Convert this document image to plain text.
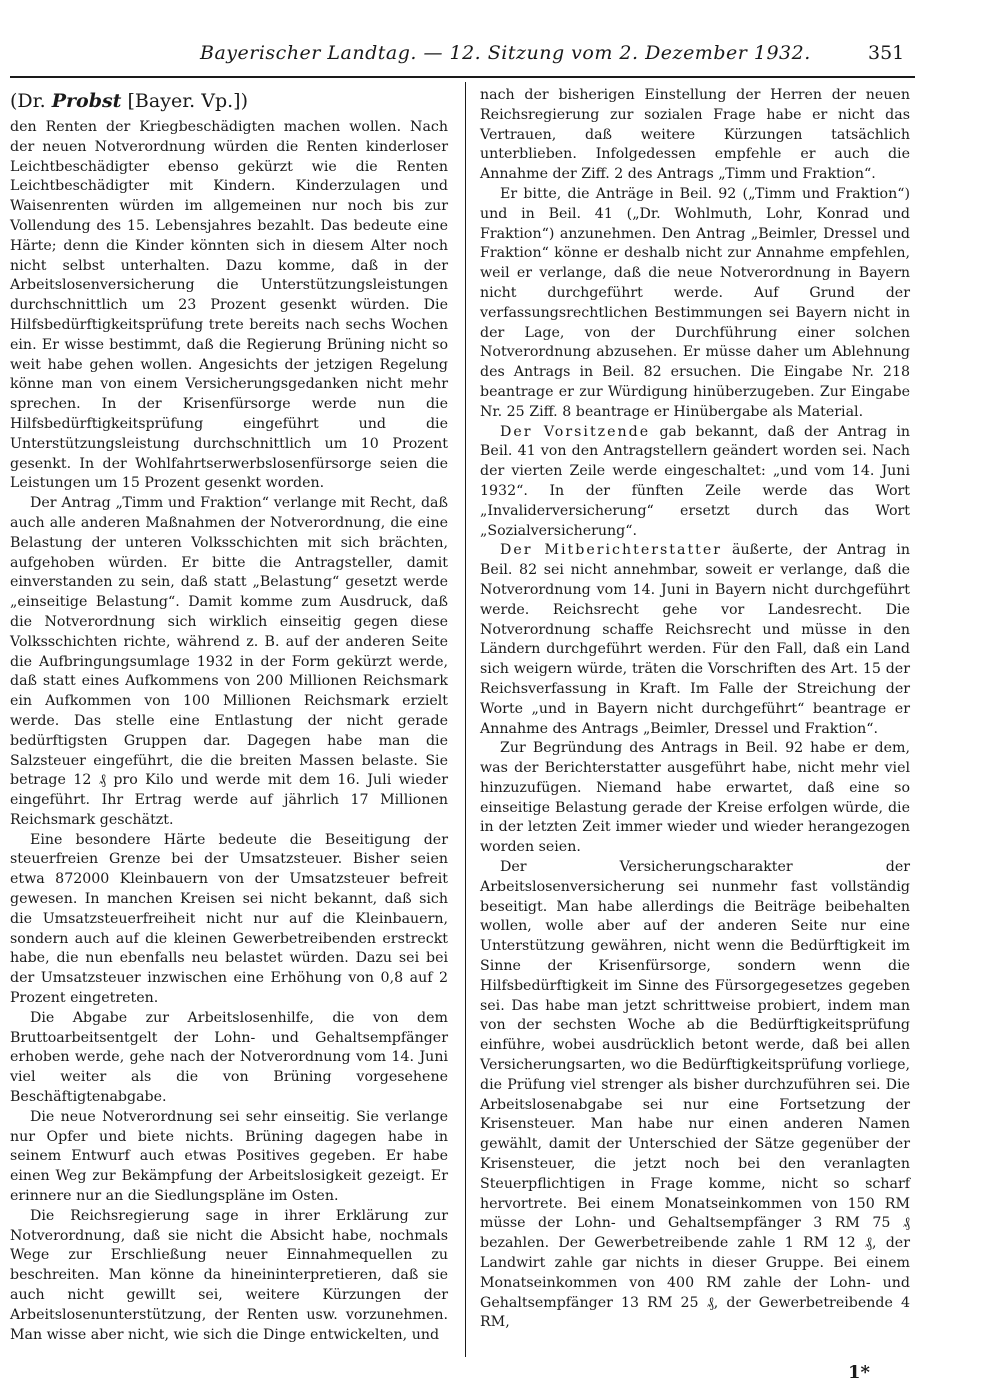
Bayerischer Landtag. — 12. Sitzung vom 2. Dezember 1932.	351
(Dr. Probst [Bayer. Vp.])

den Renten der Kriegbeschädigten machen wollen. Nach der neuen Notverordnung würden die Renten kinderloser Leichtbeschädigter ebenso gekürzt wie die Renten Leichtbeschädigter mit Kindern. Kinderzulagen und Waisenrenten würden im allgemeinen nur noch bis zur Vollendung des 15. Lebensjahres bezahlt. Das bedeute eine Härte; denn die Kinder könnten sich in diesem Alter noch nicht selbst unterhalten. Dazu komme, daß in der Arbeitslosenversicherung die Unterstützungsleistungen durchschnittlich um 23 Prozent gesenkt würden. Die Hilfsbedürftigkeitsprüfung trete bereits nach sechs Wochen ein. Er wisse bestimmt, daß die Regierung Brüning nicht so weit habe gehen wollen. Angesichts der jetzigen Regelung könne man von einem Versicherungsgedanken nicht mehr sprechen. In der Krisenfürsorge werde nun die Hilfsbedürftigkeitsprüfung eingeführt und die Unterstützungsleistung durchschnittlich um 10 Prozent gesenkt. In der Wohlfahrtserwerbslosenfürsorge seien die Leistungen um 15 Prozent gesenkt worden.

Der Antrag „Timm und Fraktion“ verlange mit Recht, daß auch alle anderen Maßnahmen der Notverordnung, die eine Belastung der unteren Volksschichten mit sich brächten, aufgehoben würden. Er bitte die Antragsteller, damit einverstanden zu sein, daß statt „Belastung“ gesetzt werde „einseitige Belastung“. Damit komme zum Ausdruck, daß die Notverordnung sich wirklich einseitig gegen diese Volksschichten richte, während z. B. auf der anderen Seite die Aufbringungsumlage 1932 in der Form gekürzt werde, daß statt eines Aufkommens von 200 Millionen Reichsmark ein Aufkommen von 100 Millionen Reichsmark erzielt werde. Das stelle eine Entlastung der nicht gerade bedürftigsten Gruppen dar. Dagegen habe man die Salzsteuer eingeführt, die die breiten Massen belaste. Sie betrage 12 ₰ pro Kilo und werde mit dem 16. Juli wieder eingeführt. Ihr Ertrag werde auf jährlich 17 Millionen Reichsmark geschätzt.

Eine besondere Härte bedeute die Beseitigung der steuerfreien Grenze bei der Umsatzsteuer. Bisher seien etwa 872000 Kleinbauern von der Umsatzsteuer befreit gewesen. In manchen Kreisen sei nicht bekannt, daß sich die Umsatzsteuerfreiheit nicht nur auf die Kleinbauern, sondern auch auf die kleinen Gewerbetreibenden erstreckt habe, die nun ebenfalls neu belastet würden. Dazu sei bei der Umsatzsteuer inzwischen eine Erhöhung von 0,8 auf 2 Prozent eingetreten.

Die Abgabe zur Arbeitslosenhilfe, die von dem Bruttoarbeitsentgelt der Lohn- und Gehaltsempfänger erhoben werde, gehe nach der Notverordnung vom 14. Juni viel weiter als die von Brüning vorgesehene Beschäftigtenabgabe.

Die neue Notverordnung sei sehr einseitig. Sie verlange nur Opfer und biete nichts. Brüning dagegen habe in seinem Entwurf auch etwas Positives gegeben. Er habe einen Weg zur Bekämpfung der Arbeitslosigkeit gezeigt. Er erinnere nur an die Siedlungspläne im Osten.

Die Reichsregierung sage in ihrer Erklärung zur Notverordnung, daß sie nicht die Absicht habe, nochmals Wege zur Erschließung neuer Einnahmequellen zu beschreiten. Man könne da hineininterpretieren, daß sie auch nicht gewillt sei, weitere Kürzungen der Arbeitslosenunterstützung, der Renten usw. vorzunehmen. Man wisse aber nicht, wie sich die Dinge entwickelten, und

nach der bisherigen Einstellung der Herren der neuen Reichsregierung zur sozialen Frage habe er nicht das Vertrauen, daß weitere Kürzungen tatsächlich unterblieben. Infolgedessen empfehle er auch die Annahme der Ziff. 2 des Antrags „Timm und Fraktion“.

Er bitte, die Anträge in Beil. 92 („Timm und Fraktion“) und in Beil. 41 („Dr. Wohlmuth, Lohr, Konrad und Fraktion“) anzunehmen. Den Antrag „Beimler, Dressel und Fraktion“ könne er deshalb nicht zur Annahme empfehlen, weil er verlange, daß die neue Notverordnung in Bayern nicht durchgeführt werde. Auf Grund der verfassungsrechtlichen Bestimmungen sei Bayern nicht in der Lage, von der Durchführung einer solchen Notverordnung abzusehen. Er müsse daher um Ablehnung des Antrags in Beil. 82 ersuchen. Die Eingabe Nr. 218 beantrage er zur Würdigung hinüberzugeben. Zur Eingabe Nr. 25 Ziff. 8 beantrage er Hinübergabe als Material.

Der Vorsitzende gab bekannt, daß der Antrag in Beil. 41 von den Antragstellern geändert worden sei. Nach der vierten Zeile werde eingeschaltet: „und vom 14. Juni 1932“. In der fünften Zeile werde das Wort „Invaliderversicherung“ ersetzt durch das Wort „Sozialversicherung“.

Der Mitberichterstatter äußerte, der Antrag in Beil. 82 sei nicht annehmbar, soweit er verlange, daß die Notverordnung vom 14. Juni in Bayern nicht durchgeführt werde. Reichsrecht gehe vor Landesrecht. Die Notverordnung schaffe Reichsrecht und müsse in den Ländern durchgeführt werden. Für den Fall, daß ein Land sich weigern würde, träten die Vorschriften des Art. 15 der Reichsverfassung in Kraft. Im Falle der Streichung der Worte „und in Bayern nicht durchgeführt“ beantrage er Annahme des Antrags „Beimler, Dressel und Fraktion“.

Zur Begründung des Antrags in Beil. 92 habe er dem, was der Berichterstatter ausgeführt habe, nicht mehr viel hinzuzufügen. Niemand habe erwartet, daß eine so einseitige Belastung gerade der Kreise erfolgen würde, die in der letzten Zeit immer wieder und wieder herangezogen worden seien.

Der Versicherungscharakter der Arbeitslosenversicherung sei nunmehr fast vollständig beseitigt. Man habe allerdings die Beiträge beibehalten wollen, wolle aber auf der anderen Seite nur eine Unterstützung gewähren, nicht wenn die Bedürftigkeit im Sinne der Krisenfürsorge, sondern wenn die Hilfsbedürftigkeit im Sinne des Fürsorgegesetzes gegeben sei. Das habe man jetzt schrittweise probiert, indem man von der sechsten Woche ab die Bedürftigkeitsprüfung einführe, wobei ausdrücklich betont werde, daß bei allen Versicherungsarten, wo die Bedürftigkeitsprüfung vorliege, die Prüfung viel strenger als bisher durchzuführen sei. Die Arbeitslosenabgabe sei nur eine Fortsetzung der Krisensteuer. Man habe nur einen anderen Namen gewählt, damit der Unterschied der Sätze gegenüber der Krisensteuer, die jetzt noch bei den veranlagten Steuerpflichtigen in Frage komme, nicht so scharf hervortrete. Bei einem Monatseinkommen von 150 RM müsse der Lohn- und Gehaltsempfänger 3 RM 75 ₰ bezahlen. Der Gewerbetreibende zahle 1 RM 12 ₰, der Landwirt zahle gar nichts in dieser Gruppe. Bei einem Monatseinkommen von 400 RM zahle der Lohn- und Gehaltsempfänger 13 RM 25 ₰, der Gewerbetreibende 4 RM,

1*
